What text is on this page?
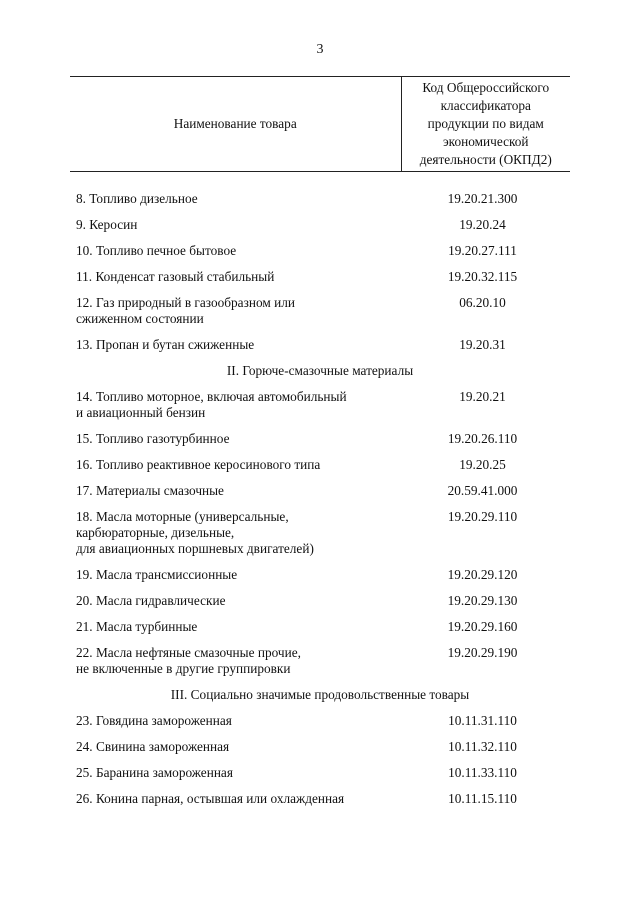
3
Наименование товара	Код Общероссийского
классификатора
продукции по видам
экономической
деятельности (ОКПД2)

8. Топливо дизельное	19.20.21.300

9. Керосин	19.20.24

10. Топливо печное бытовое	19.20.27.111

11. Конденсат газовый стабильный	19.20.32.115

12. Газ природный в газообразном или
сжиженном состоянии	06.20.10

13. Пропан и бутан сжиженные	19.20.31
II. Горюче-смазочные материалы	

14. Топливо моторное, включая автомобильный
и авиационный бензин	19.20.21

15. Топливо газотурбинное	19.20.26.110

16. Топливо реактивное керосинового типа	19.20.25

17. Материалы смазочные	20.59.41.000

18. Масла моторные (универсальные,
карбюраторные, дизельные,
для авиационных поршневых двигателей)	19.20.29.110

19. Масла трансмиссионные	19.20.29.120

20. Масла гидравлические	19.20.29.130

21. Масла турбинные	19.20.29.160

22. Масла нефтяные смазочные прочие,
не включенные в другие группировки	19.20.29.190
III. Социально значимые продовольственные товары	

23. Говядина замороженная	10.11.31.110

24. Свинина замороженная	10.11.32.110

25. Баранина замороженная	10.11.33.110

26. Конина парная, остывшая или охлажденная	10.11.15.110
